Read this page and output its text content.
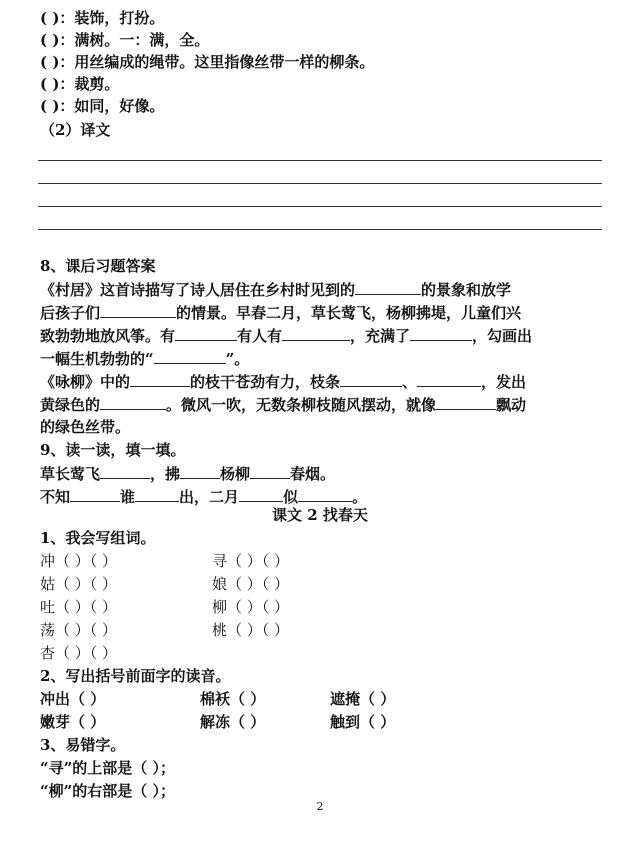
( )：装饰，打扮。
( )：满树。一：满，全。
( )：用丝编成的绳带。这里指像丝带一样的柳条。
( )：裁剪。
( )：如同，好像。
（2）译文
8、课后习题答案
《村居》这首诗描写了诗人居住在乡村时见到的	的景象和放学
后孩子们	的情景。早春二月，草长莺飞，杨柳拂堤，儿童们兴
致勃勃地放风筝。有	有人有	，充满了	，勾画出
一幅生机勃勃的“	”。
《咏柳》中的	的枝干苍劲有力，枝条	、	，发出
黄绿色的	。微风一吹，无数条柳枝随风摆动，就像	飘动
的绿色丝带。
9、读一读，填一填。
草长莺飞	，拂	杨柳	春烟。
不知	谁	出，二月	似	。
课文 2 找春天
1、我会写组词。
冲（ ）（ ）	寻（ ）（ ）
姑（ ）（ ）	娘（ ）（ ）
吐（ ）（ ）	柳（ ）（ ）
荡（ ）（ ）	桃（ ）（ ）
杏（ ）（ ）
2、写出括号前面字的读音。
冲出（ ）	棉袄（ ）	遮掩（ ）
嫩芽（ ）	解冻（ ）	触到（ ）
3、易错字。
“寻”的上部是（ ）；
“柳”的右部是（ ）；
2
